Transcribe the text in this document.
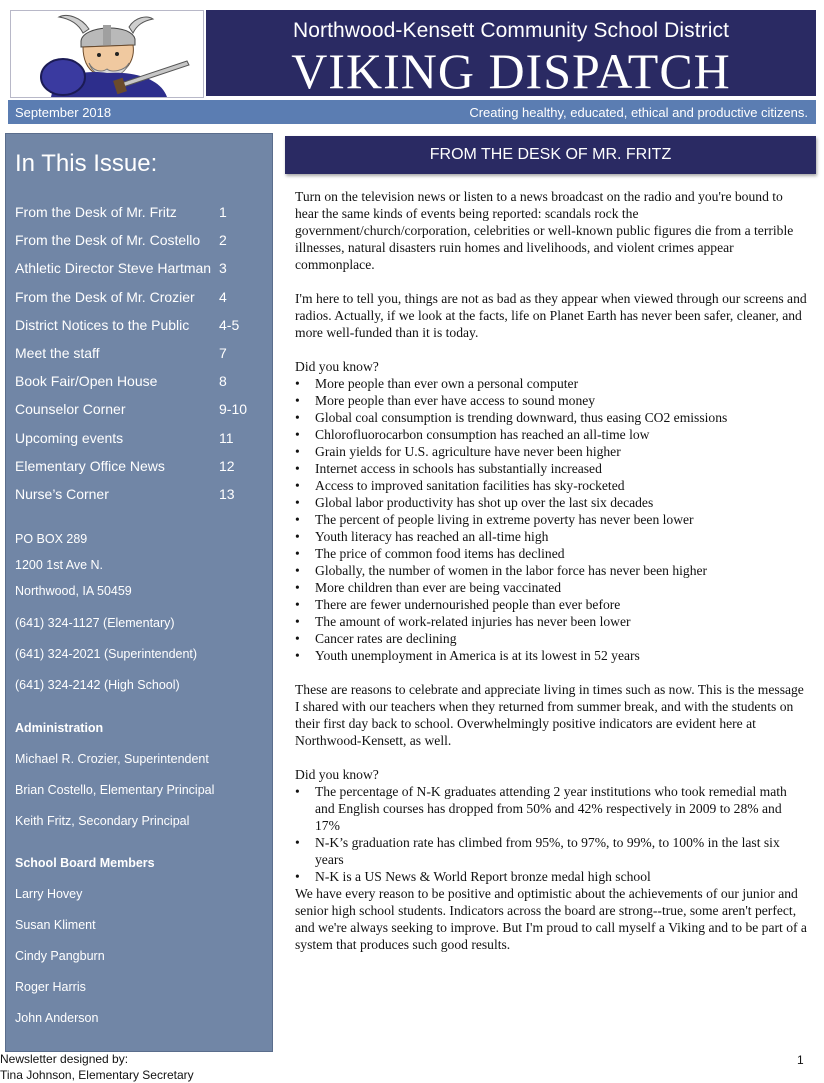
Northwood-Kensett Community School District
VIKING DISPATCH
September 2018	Creating healthy, educated, ethical and productive citizens.
In This Issue:
From the Desk of Mr. Fritz	1
From the Desk of Mr. Costello 2
Athletic Director Steve Hartman 3
From the Desk of Mr. Crozier 4
District Notices to the Public 4-5
Meet the staff	7
Book Fair/Open House	8
Counselor Corner	9-10
Upcoming events	11
Elementary Office News	12
Nurse’s Corner	13
PO BOX 289
1200 1st Ave N.
Northwood, IA 50459
(641) 324-1127 (Elementary)
(641) 324-2021 (Superintendent)
(641) 324-2142 (High School)
Administration
Michael R. Crozier, Superintendent
Brian Costello, Elementary Principal
Keith Fritz, Secondary Principal
School Board Members
Larry Hovey
Susan Kliment
Cindy Pangburn
Roger Harris
John Anderson
Newsletter designed by:
Tina Johnson, Elementary Secretary
1
FROM THE DESK OF MR. FRITZ

Turn on the television news or listen to a news broadcast on the radio and you're bound to hear the same kinds of events being reported: scandals rock the government/church/corporation, celebrities or well-known public figures die from a terrible illnesses, natural disasters ruin homes and livelihoods, and violent crimes appear commonplace.

I'm here to tell you, things are not as bad as they appear when viewed through our screens and radios. Actually, if we look at the facts, life on Planet Earth has never been safer, cleaner, and more well-funded than it is today.

Did you know?

• More people than ever own a personal computer
• More people than ever have access to sound money
• Global coal consumption is trending downward, thus easing CO2 emissions
• Chlorofluorocarbon consumption has reached an all-time low
• Grain yields for U.S. agriculture have never been higher
• Internet access in schools has substantially increased
• Access to improved sanitation facilities has sky-rocketed
• Global labor productivity has shot up over the last six decades
• The percent of people living in extreme poverty has never been lower
• Youth literacy has reached an all-time high
• The price of common food items has declined
• Globally, the number of women in the labor force has never been higher
• More children than ever are being vaccinated
• There are fewer undernourished people than ever before
• The amount of work-related injuries has never been lower
• Cancer rates are declining
• Youth unemployment in America is at its lowest in 52 years

These are reasons to celebrate and appreciate living in times such as now. This is the message I shared with our teachers when they returned from summer break, and with the students on their first day back to school. Overwhelmingly positive indicators are evident here at Northwood-Kensett, as well.

Did you know?

• The percentage of N-K graduates attending 2 year institutions who took remedial math and English courses has dropped from 50% and 42% respectively in 2009 to 28% and 17%
• N-K’s graduation rate has climbed from 95%, to 97%, to 99%, to 100% in the last six years
• N-K is a US News & World Report bronze medal high school

We have every reason to be positive and optimistic about the achievements of our junior and senior high school students. Indicators across the board are strong--true, some aren't perfect, and we're always seeking to improve. But I'm proud to call myself a Viking and to be part of a system that produces such good results.
